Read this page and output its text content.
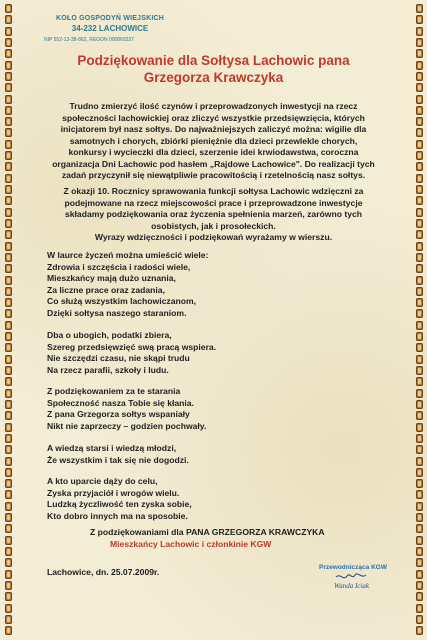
KOŁO GOSPODYŃ WIEJSKICH
34-232 LACHOWICE
NIP 552-13-38-862, REGON 000869337
Podziękowanie dla Sołtysa Lachowic pana
Grzegorza Krawczyka
Trudno zmierzyć ilość czynów i przeprowadzonych inwestycji na rzecz
społeczności lachowickiej oraz zliczyć wszystkie przedsięwzięcia, których
inicjatorem był nasz sołtys. Do najważniejszych zaliczyć można: wigilie dla
samotnych i chorych, zbiórki pieniężnie dla dzieci przewlekle chorych,
konkursy i wycieczki dla dzieci, szerzenie idei krwiodawstwa, coroczna
organizacja Dni Lachowic pod hasłem „Rajdowe Lachowice". Do realizacji tych
zadań przyczynił się niewątpliwie pracowitością i rzetelnością nasz sołtys.
Z okazji 10. Rocznicy sprawowania funkcji sołtysa Lachowic wdzięczni za
podejmowane na rzecz miejscowości prace i przeprowadzone inwestycje
składamy podziękowania oraz życzenia spełnienia marzeń, zarówno tych
osobistych, jak i prosołeckich.
Wyrazy wdzięczności i podziękowań wyrażamy w wierszu.
W laurce życzeń można umieścić wiele:
Zdrowia i szczęścia i radości wiele,
Mieszkańcy mają dużo uznania,
Za liczne prace oraz zadania,
Co służą wszystkim lachowiczanom,
Dzięki sołtysa naszego staraniom.
Dba o ubogich, podatki zbiera,
Szereg przedsięwzięć swą pracą wspiera.
Nie szczędzi czasu, nie skąpi trudu
Na rzecz parafii, szkoły i ludu.
Z podziękowaniem za te starania
Społeczność nasza Tobie się kłania.
Z pana Grzegorza sołtys wspaniały
Nikt nie zaprzeczy – godzien pochwały.
A wiedzą starsi i wiedzą młodzi,
Że wszystkim i tak się nie dogodzi.
A kto uparcie dąży do celu,
Zyska przyjaciół i wrogów wielu.
Ludzką życzliwość ten zyska sobie,
Kto dobro innych ma na sposobie.
Z podziękowaniami dla PANA GRZEGORZA KRAWCZYKA
Mieszkańcy Lachowic i członkinie KGW
Lachowice, dn. 25.07.2009r.	Przewodnicząca KGW
Wanda Iciak
